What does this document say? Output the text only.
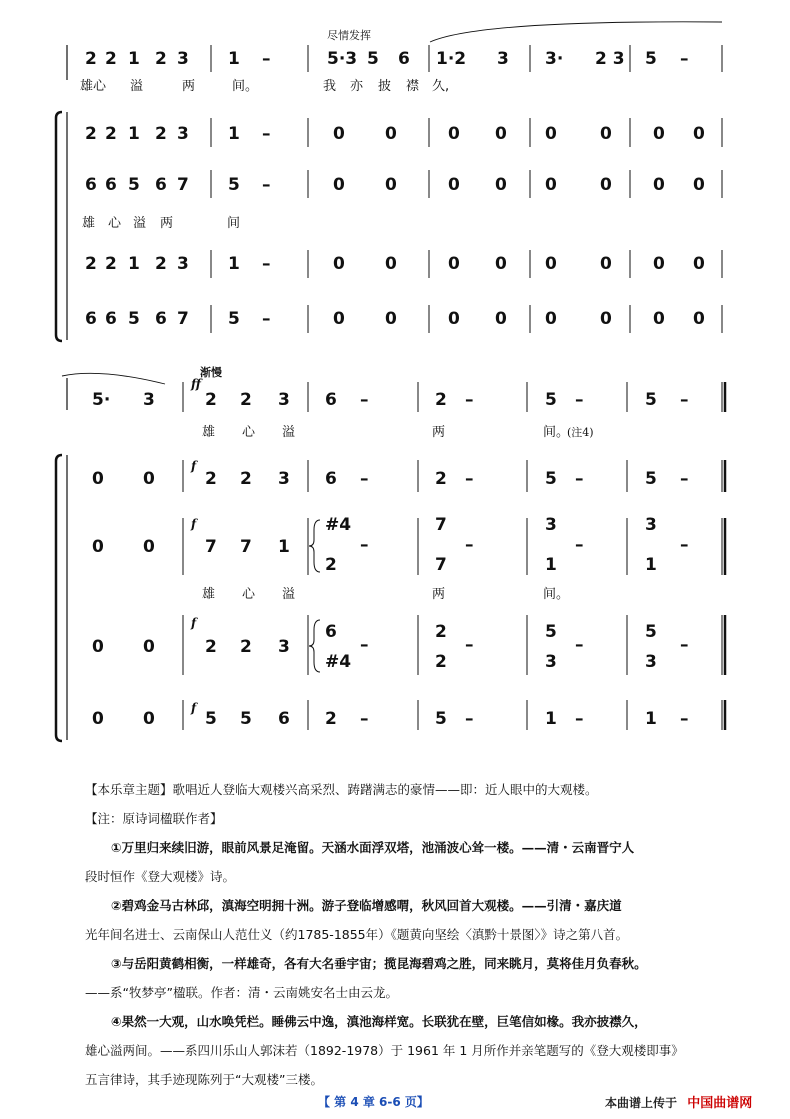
尽情发挥
2 2 1 2 3 1 –	5·3 5 6 1·2 3 3· 2 3 5 –
2 2 1 2 3 1 –	0 0	0 0 0	0 0 0
6 6 5 6 7 5 –	0 0	0 0 0	0 0 0
2 2 1 2 3 1 –	0 0	0 0 0	0 0 0
6 6 5 6 7 5 –	0 0	0 0 0	0 0 0
雄心 溢	两	间。	我 亦 披 襟 久,
雄 心 溢 两	间
渐慢
ff
f
f
f
f
5· 3	2 2 3 6 –	2 –	5 –	5 –
(注4)
0 0	2 2 3 6 –	2 –	5 –	5 –
0 0	7 7 1
#4
2
–
7
7
–
3
1
–
3
1
–
0 0	2 2 3
6
#4
–
2
2
–
5
3
–
5
3
–
0 0	5 5 6 2 –	5 –	1 –	1 –
雄 心 溢	两	间。
雄 心 溢	两	间。

【本乐章主题】歌唱近人登临大观楼兴高采烈、踌躇满志的豪情——即：近人眼中的大观楼。

【注：原诗词楹联作者】

①万里归来续旧游，眼前风景足淹留。天涵水面浮双塔，池涌波心耸一楼。——清・云南晋宁人

段时恒作《登大观楼》诗。

②碧鸡金马古林邱，滇海空明拥十洲。游子登临增感喟，秋风回首大观楼。——引清・嘉庆道

光年间名进士、云南保山人范仕义（约1785-1855年）《题黄向坚绘〈滇黔十景图〉》诗之第八首。

③与岳阳黄鹤相衡，一样雄奇，各有大名垂宇宙；揽昆海碧鸡之胜，同来眺月，莫将佳月负春秋。

——系“牧梦亭”楹联。作者：清・云南姚安名士由云龙。

④果然一大观，山水唤凭栏。睡佛云中逸，滇池海样宽。长联犹在壁，巨笔信如椽。我亦披襟久，

雄心溢两间。——系四川乐山人郭沫若（1892-1978）于 1961 年 1 月所作并亲笔题写的《登大观楼即事》

五言律诗，其手迹现陈列于“大观楼”三楼。

【 第 4 章 6-6 页】	本曲谱上传于 中国曲谱网
